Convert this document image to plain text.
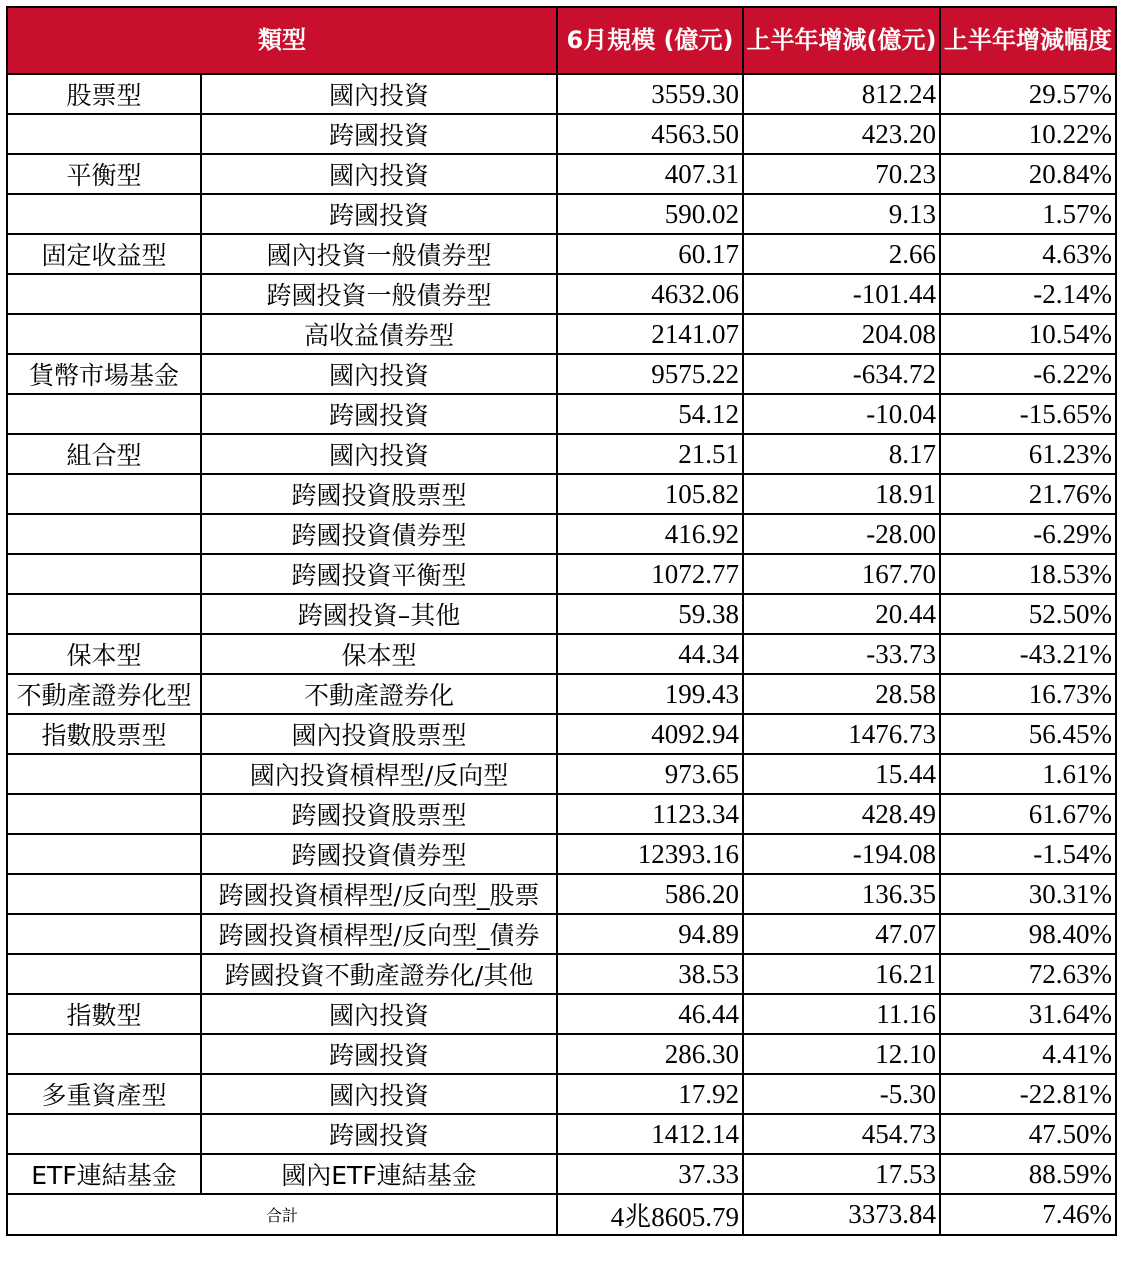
類型		6月規模 (億元)	上半年增減(億元)	上半年增減幅度
股票型	國內投資	3559.30	812.24	29.57%
	跨國投資	4563.50	423.20	10.22%
平衡型	國內投資	407.31	70.23	20.84%
	跨國投資	590.02	9.13	1.57%
固定收益型	國內投資一般債券型	60.17	2.66	4.63%
	跨國投資一般債券型	4632.06	-101.44	-2.14%
	高收益債券型	2141.07	204.08	10.54%
貨幣市場基金	國內投資	9575.22	-634.72	-6.22%
	跨國投資	54.12	-10.04	-15.65%
組合型	國內投資	21.51	8.17	61.23%
	跨國投資股票型	105.82	18.91	21.76%
	跨國投資債券型	416.92	-28.00	-6.29%
	跨國投資平衡型	1072.77	167.70	18.53%
	跨國投資–其他	59.38	20.44	52.50%
保本型	保本型	44.34	-33.73	-43.21%
不動產證券化型	不動產證券化	199.43	28.58	16.73%
指數股票型	國內投資股票型	4092.94	1476.73	56.45%
	國內投資槓桿型/反向型	973.65	15.44	1.61%
	跨國投資股票型	1123.34	428.49	61.67%
	跨國投資債券型	12393.16	-194.08	-1.54%
	跨國投資槓桿型/反向型_股票	586.20	136.35	30.31%
	跨國投資槓桿型/反向型_債券	94.89	47.07	98.40%
	跨國投資不動產證券化/其他	38.53	16.21	72.63%
指數型	國內投資	46.44	11.16	31.64%
	跨國投資	286.30	12.10	4.41%
多重資產型	國內投資	17.92	-5.30	-22.81%
	跨國投資	1412.14	454.73	47.50%
ETF連結基金	國內ETF連結基金	37.33	17.53	88.59%
合計		4兆8605.79	3373.84	7.46%
